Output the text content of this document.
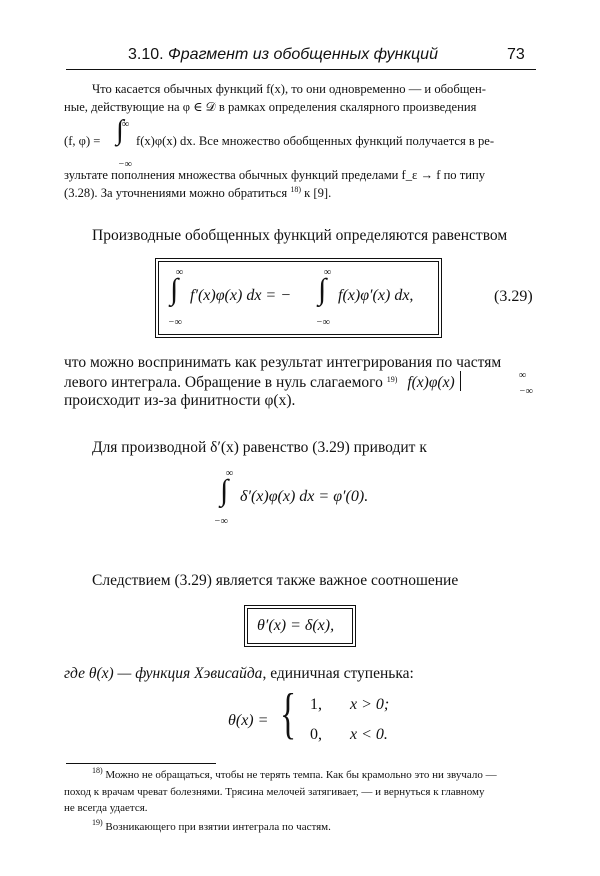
3.10. Фрагмент из обобщенных функций	73
Что касается обычных функций f(x), то они одновременно — и обобщен-
ные, действующие на φ ∈ 𝒟 в рамках определения скалярного произведения
(f, φ) =
∞
∫
−∞
f(x)φ(x) dx. Все множество обобщенных функций получается в ре-
зультате пополнения множества обычных функций пределами f_ε → f по типу
(3.28). За уточнениями можно обратиться $^{18)}$ к [9].
Производные обобщенных функций определяются равенством
∞
∫
−∞
f′(x)φ(x) dx = −
∞
∫
−∞
f(x)φ′(x) dx,	(3.29)
что можно воспринимать как результат интегрирования по частям
левого интеграла. Обращение в нуль слагаемого $^{19)}$ f(x)φ(x)	∞
−∞
происходит из-за финитности φ(x).
Для производной δ′(x) равенство (3.29) приводит к
∞
∫
−∞
δ′(x)φ(x) dx = φ′(0).
Следствием (3.29) является также важное соотношение
θ′(x) = δ(x),
где θ(x) — функция Хэвисайда, единичная ступенька:
θ(x) = { 1, x > 0;
0, x < 0.
$^{18)}$ Можно не обращаться, чтобы не терять темпа. Как бы крамольно это ни звучало —
поход к врачам чреват болезнями. Трясина мелочей затягивает, — и вернуться к главному
не всегда удается.
$^{19)}$ Возникающего при взятии интеграла по частям.
